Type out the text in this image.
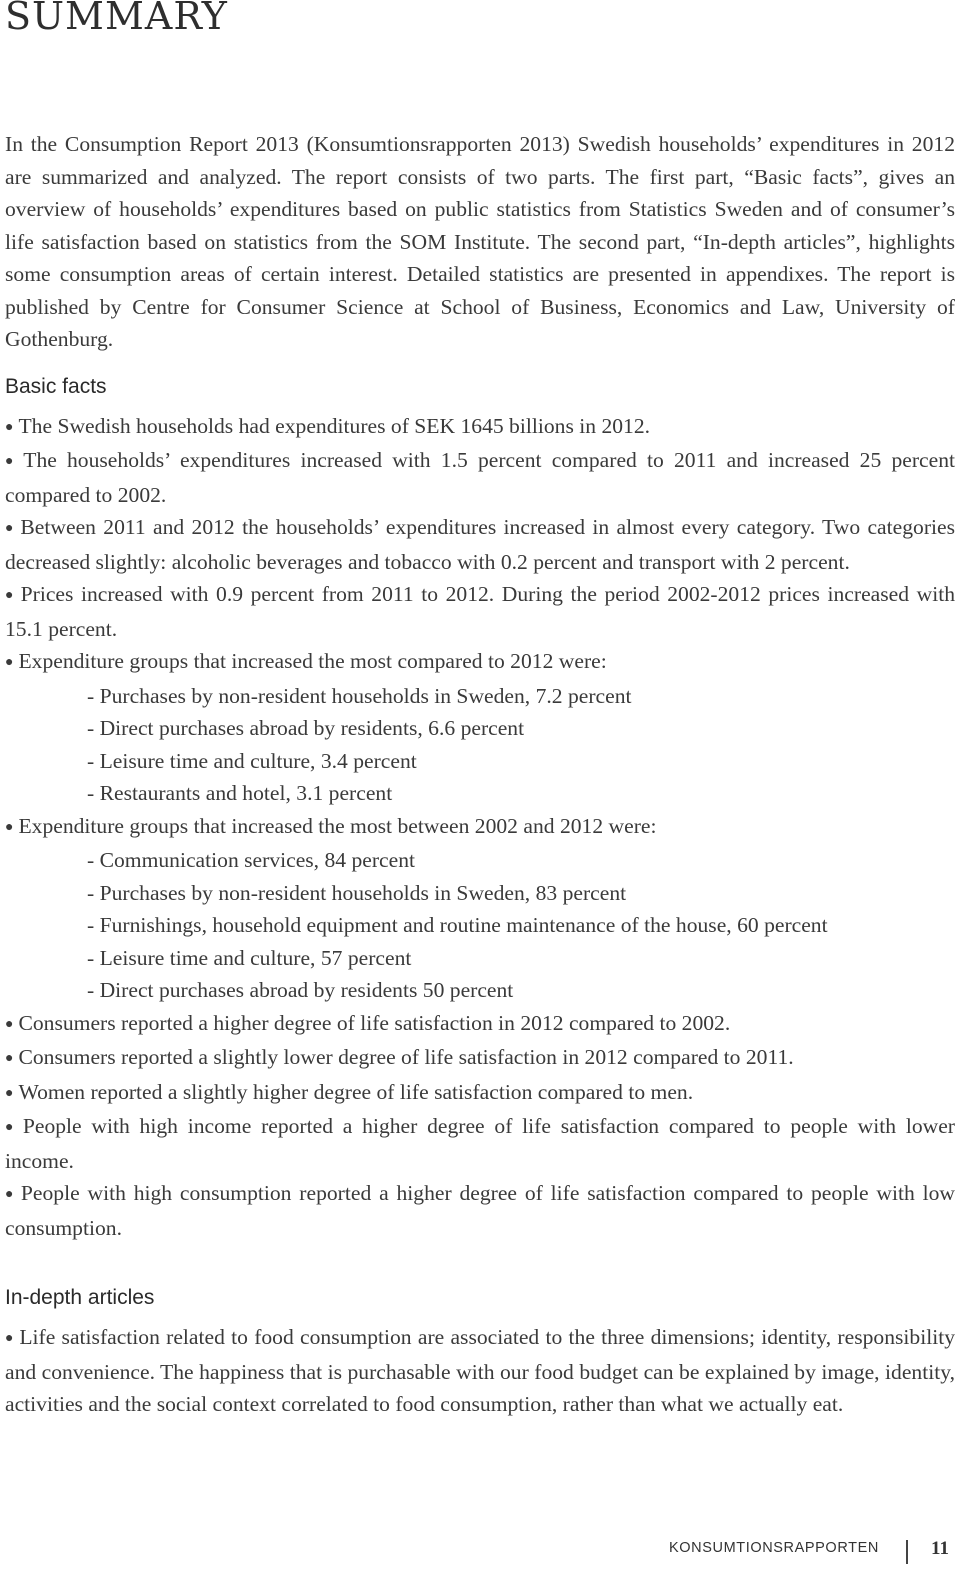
SUMMARY

In the Consumption Report 2013 (Konsumtionsrapporten 2013) Swedish households’ expenditures in 2012 are summarized and analyzed. The report consists of two parts. The first part, “Basic facts”, gives an overview of households’ expenditures based on public statistics from Statistics Sweden and of consumer’s life satisfaction based on statistics from the SOM Institute. The second part, “In-depth articles”, highlights some consumption areas of certain interest. Detailed statistics are presented in appendixes. The report is published by Centre for Consumer Science at School of Business, Economics and Law, University of Gothenburg.

Basic facts
● The Swedish households had expenditures of SEK 1645 billions in 2012.
● The households’ expenditures increased with 1.5 percent compared to 2011 and increased 25 percent compared to 2002.
● Between 2011 and 2012 the households’ expenditures increased in almost every category. Two categories decreased slightly: alcoholic beverages and tobacco with 0.2 percent and transport with 2 percent.
● Prices increased with 0.9 percent from 2011 to 2012. During the period 2002-2012 prices increased with 15.1 percent.
● Expenditure groups that increased the most compared to 2012 were:
- Purchases by non-resident households in Sweden, 7.2 percent
- Direct purchases abroad by residents, 6.6 percent
- Leisure time and culture, 3.4 percent
- Restaurants and hotel, 3.1 percent
● Expenditure groups that increased the most between 2002 and 2012 were:
- Communication services, 84 percent
- Purchases by non-resident households in Sweden, 83 percent
- Furnishings, household equipment and routine maintenance of the house, 60 percent
- Leisure time and culture, 57 percent
- Direct purchases abroad by residents 50 percent
● Consumers reported a higher degree of life satisfaction in 2012 compared to 2002.
● Consumers reported a slightly lower degree of life satisfaction in 2012 compared to 2011.
● Women reported a slightly higher degree of life satisfaction compared to men.
● People with high income reported a higher degree of life satisfaction compared to people with lower income.
● People with high consumption reported a higher degree of life satisfaction compared to people with low consumption.
In-depth articles
● Life satisfaction related to food consumption are associated to the three dimensions; identity, responsibility and convenience. The happiness that is purchasable with our food budget can be explained by image, identity, activities and the social context correlated to food consumption, rather than what we actually eat.
KONSUMTIONSRAPPORTEN	11
